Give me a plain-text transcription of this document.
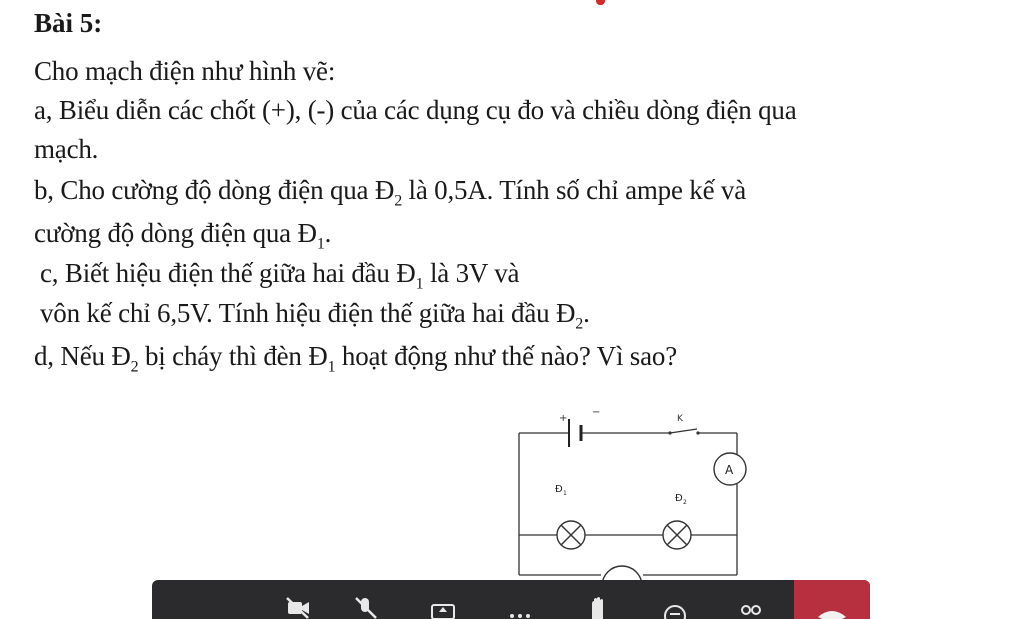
Bài 5:
Cho mạch điện như hình vẽ:
a, Biểu diễn các chốt (+), (-) của các dụng cụ đo và chiều dòng điện qua
mạch.
b, Cho cường độ dòng điện qua $Đ_2$ là 0,5A. Tính số chỉ ampe kế và
cường độ dòng điện qua $Đ_1$.
c, Biết hiệu điện thế giữa hai đầu $Đ_1$ là 3V và
vôn kế chỉ 6,5V. Tính hiệu điện thế giữa hai đầu $Đ_2$.
d, Nếu $Đ_2$ bị cháy thì đèn $Đ_1$ hoạt động như thế nào? Vì sao?
+
−
K
A
Đ 1	Đ 2
